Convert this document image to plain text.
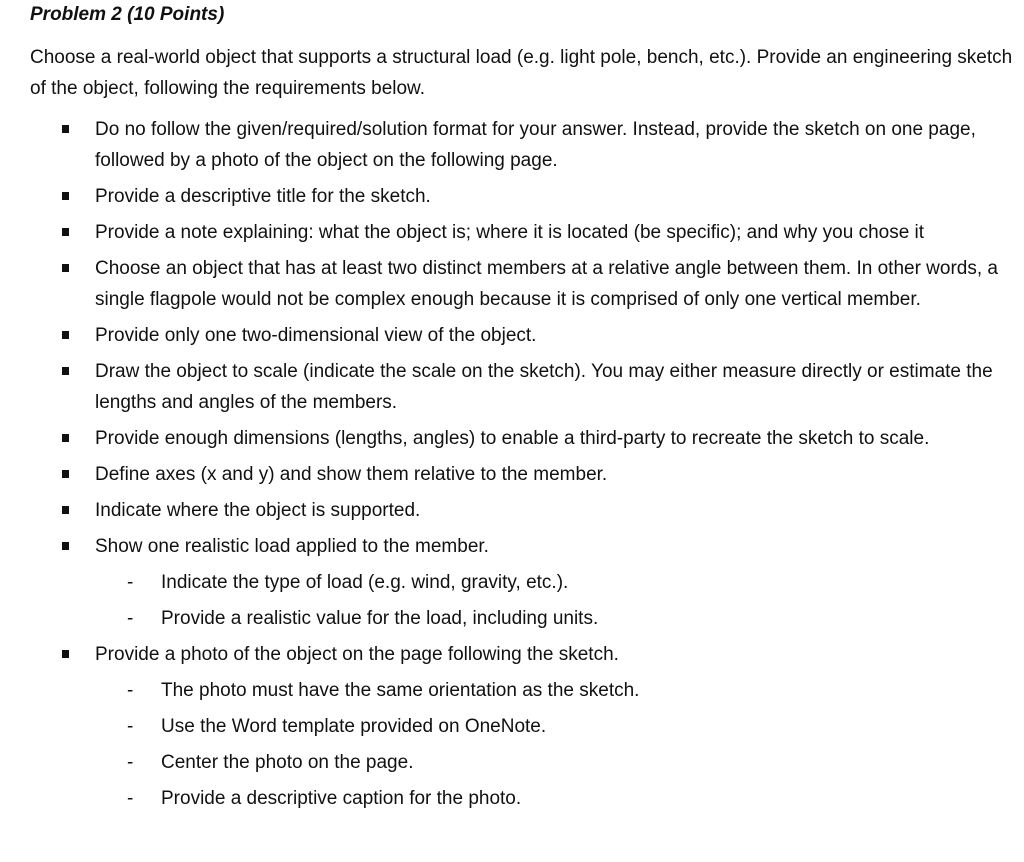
Problem 2 (10 Points)

Choose a real-world object that supports a structural load (e.g. light pole, bench, etc.). Provide an engineering sketch of the object, following the requirements below.

Do no follow the given/required/solution format for your answer. Instead, provide the sketch on one page, followed by a photo of the object on the following page.
Provide a descriptive title for the sketch.
Provide a note explaining: what the object is; where it is located (be specific); and why you chose it
Choose an object that has at least two distinct members at a relative angle between them. In other words, a single flagpole would not be complex enough because it is comprised of only one vertical member.
Provide only one two-dimensional view of the object.
Draw the object to scale (indicate the scale on the sketch). You may either measure directly or estimate the lengths and angles of the members.
Provide enough dimensions (lengths, angles) to enable a third-party to recreate the sketch to scale.
Define axes (x and y) and show them relative to the member.
Indicate where the object is supported.
Show one realistic load applied to the member.
- Indicate the type of load (e.g. wind, gravity, etc.).
- Provide a realistic value for the load, including units.
Provide a photo of the object on the page following the sketch.
- The photo must have the same orientation as the sketch.
- Use the Word template provided on OneNote.
- Center the photo on the page.
- Provide a descriptive caption for the photo.
